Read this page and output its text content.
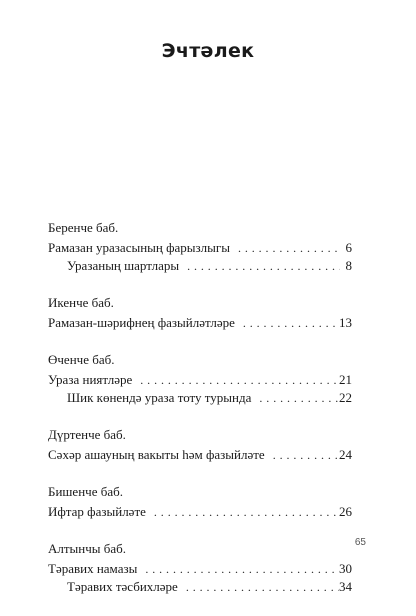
Эчтәлек
Беренче баб.
Рамазан уразасының фарызлыгы . . .	6
Уразаның шартлары . . .	8
Икенче баб.
Рамазан-шәрифнең фазыйләтләре . . .	13
Өченче баб.
Ураза ниятләре . . .	21
Шик көнендә ураза тоту турында . . .	22
Дүртенче баб.
Сәхәр ашауның вакыты һәм фазыйләте . . .	24
Бишенче баб.
Ифтар фазыйләте . . .	26
Алтынчы баб.
Тәравих намазы . . .	30
Тәравих тәсбихләре . . .	34
65
